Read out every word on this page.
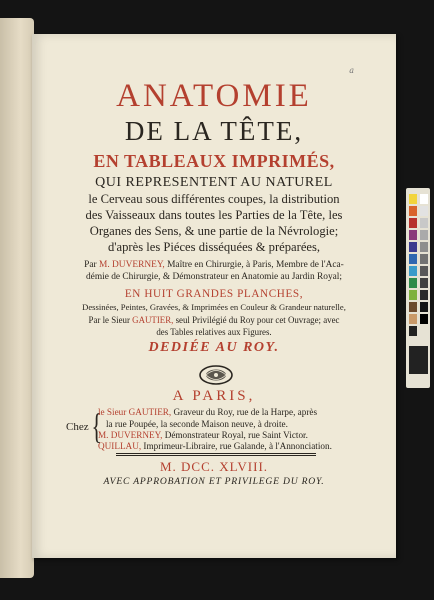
a
ANATOMIE
DE LA TÊTE,
EN TABLEAUX IMPRIMÉS,
QUI REPRESENTENT AU NATUREL
le Cerveau sous différentes coupes, la distribution
des Vaisseaux dans toutes les Parties de la Tête, les
Organes des Sens, & une partie de la Névrologie;
d'après les Piéces disséquées & préparées,
Par M. DUVERNEY, Maître en Chirurgie, à Paris, Membre de l'Aca-
démie de Chirurgie, & Démonstrateur en Anatomie au Jardin Royal;
EN HUIT GRANDES PLANCHES,
Dessinées, Peintes, Gravées, & Imprimées en Couleur & Grandeur naturelle,
Par le Sieur GAUTIER, seul Privilégié du Roy pour cet Ouvrage; avec
des Tables relatives aux Figures.
DEDIÉE AU ROY.
A PARIS,
Chez {
le Sieur GAUTIER, Graveur du Roy, rue de la Harpe, après
la rue Poupée, la seconde Maison neuve, à droite.
M. DUVERNEY, Démonstrateur Royal, rue Saint Victor.
QUILLAU, Imprimeur-Libraire, rue Galande, à l'Annonciation.
M. DCC. XLVIII.
AVEC APPROBATION ET PRIVILEGE DU ROY.
